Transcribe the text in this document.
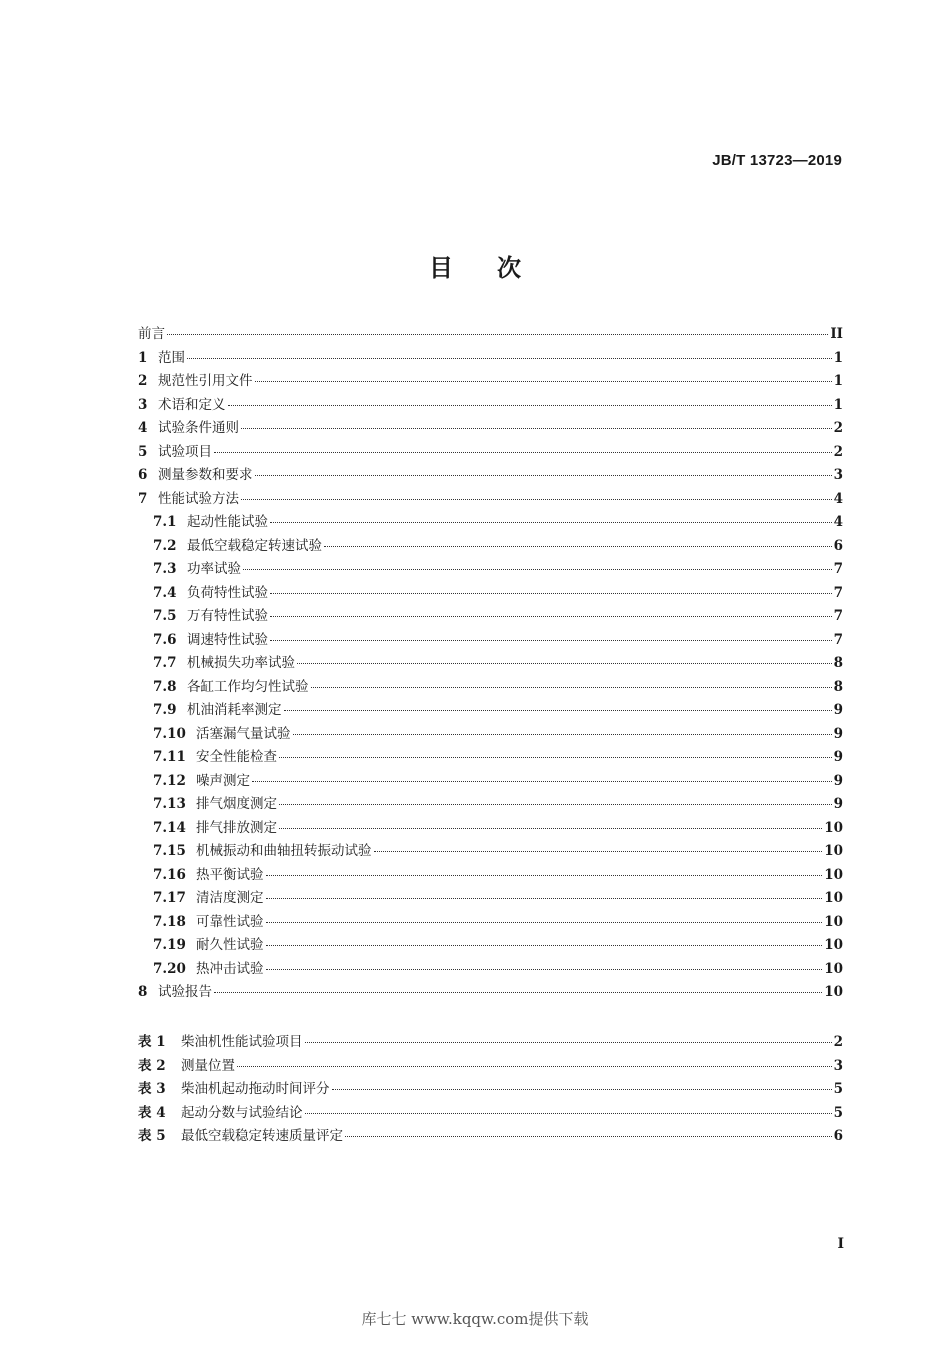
JB/T 13723—2019
目次
前言	II
1 范围	1
2 规范性引用文件	1
3 术语和定义	1
4 试验条件通则	2
5 试验项目	2
6 测量参数和要求	3
7 性能试验方法	4
7.1 起动性能试验	4
7.2 最低空载稳定转速试验	6
7.3 功率试验	7
7.4 负荷特性试验	7
7.5 万有特性试验	7
7.6 调速特性试验	7
7.7 机械损失功率试验	8
7.8 各缸工作均匀性试验	8
7.9 机油消耗率测定	9
7.10 活塞漏气量试验	9
7.11 安全性能检查	9
7.12 噪声测定	9
7.13 排气烟度测定	9
7.14 排气排放测定	10
7.15 机械振动和曲轴扭转振动试验	10
7.16 热平衡试验	10
7.17 清洁度测定	10
7.18 可靠性试验	10
7.19 耐久性试验	10
7.20 热冲击试验	10
8 试验报告	10
表 1	柴油机性能试验项目	2
表 2	测量位置	3
表 3	柴油机起动拖动时间评分	5
表 4	起动分数与试验结论	5
表 5	最低空载稳定转速质量评定	6
I
库七七 www.kqqw.com提供下载
